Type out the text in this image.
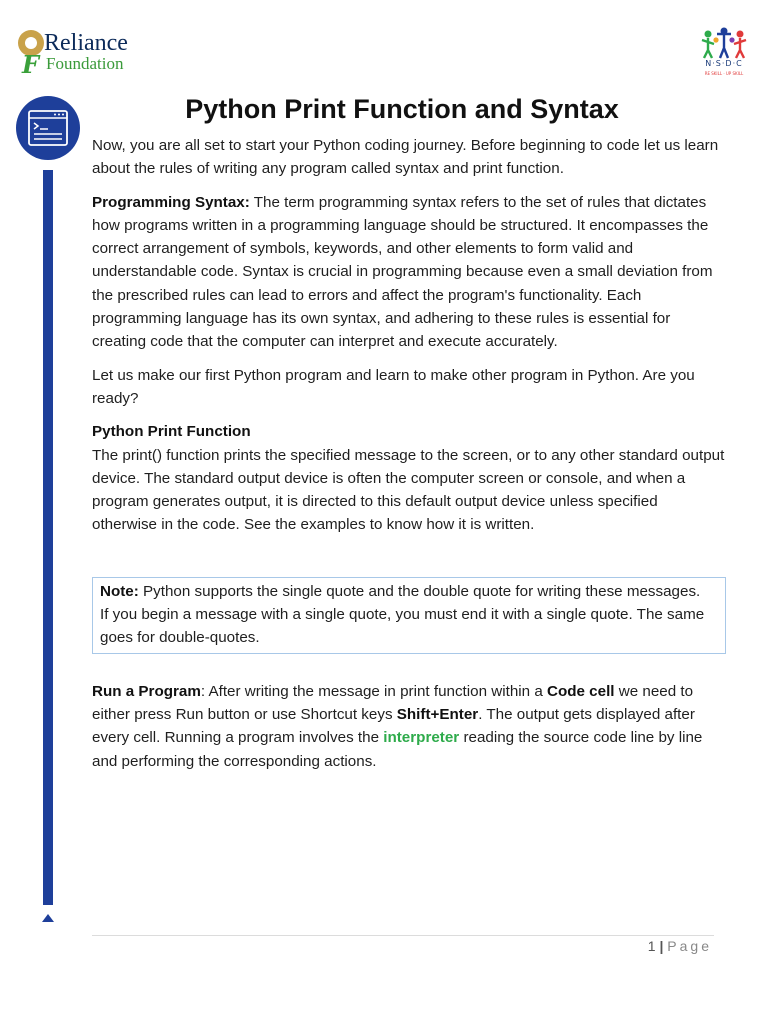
F
Reliance
Foundation	N·S·D·C
RE SKILL · UP SKILL
Python Print Function and Syntax

Now, you are all set to start your Python coding journey. Before beginning to code let us learn about the rules of writing any program called syntax and print function.

Programming Syntax: The term programming syntax refers to the set of rules that dictates how programs written in a programming language should be structured. It encompasses the correct arrangement of symbols, keywords, and other elements to form valid and understandable code. Syntax is crucial in programming because even a small deviation from the prescribed rules can lead to errors and affect the program's functionality. Each programming language has its own syntax, and adhering to these rules is essential for creating code that the computer can interpret and execute accurately.

Let us make our first Python program and learn to make other program in Python. Are you ready?

Python Print Function
The print() function prints the specified message to the screen, or to any other standard output device. The standard output device is often the computer screen or console, and when a program generates output, it is directed to this default output device unless specified otherwise in the code. See the examples to know how it is written.

Note: Python supports the single quote and the double quote for writing these messages.
If you begin a message with a single quote, you must end it with a single quote. The same goes for double-quotes.

Run a Program: After writing the message in print function within a Code cell we need to either press Run button or use Shortcut keys Shift+Enter. The output gets displayed after every cell. Running a program involves the interpreter reading the source code line by line and performing the corresponding actions.

1 | Page
